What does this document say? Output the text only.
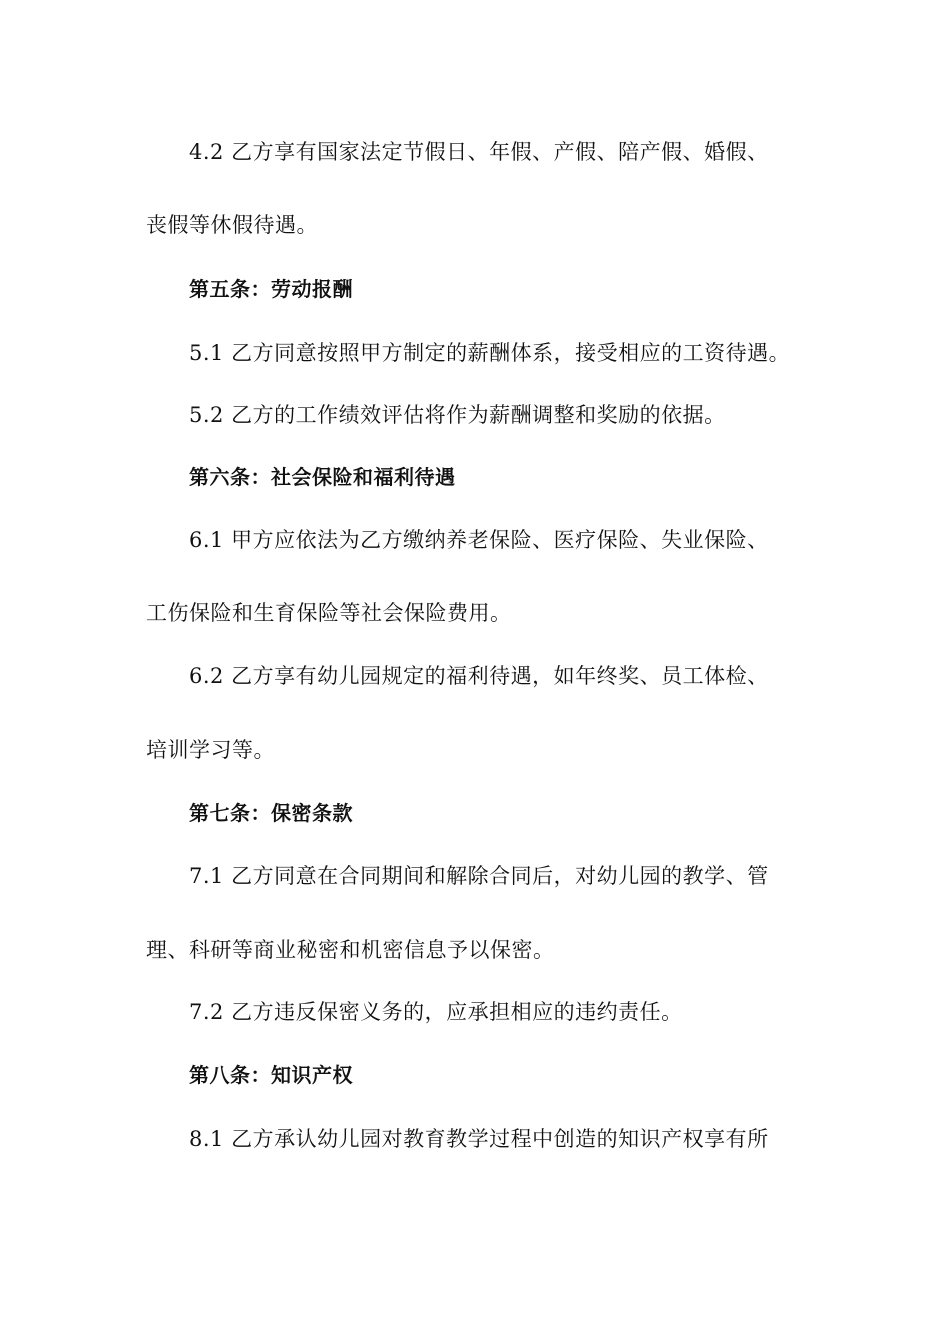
4.2 乙方享有国家法定节假日、年假、产假、陪产假、婚假、
丧假等休假待遇。
第五条：劳动报酬
5.1 乙方同意按照甲方制定的薪酬体系，接受相应的工资待遇。
5.2 乙方的工作绩效评估将作为薪酬调整和奖励的依据。
第六条：社会保险和福利待遇
6.1 甲方应依法为乙方缴纳养老保险、医疗保险、失业保险、
工伤保险和生育保险等社会保险费用。
6.2 乙方享有幼儿园规定的福利待遇，如年终奖、员工体检、
培训学习等。
第七条：保密条款
7.1 乙方同意在合同期间和解除合同后，对幼儿园的教学、管
理、科研等商业秘密和机密信息予以保密。
7.2 乙方违反保密义务的，应承担相应的违约责任。
第八条：知识产权
8.1 乙方承认幼儿园对教育教学过程中创造的知识产权享有所
